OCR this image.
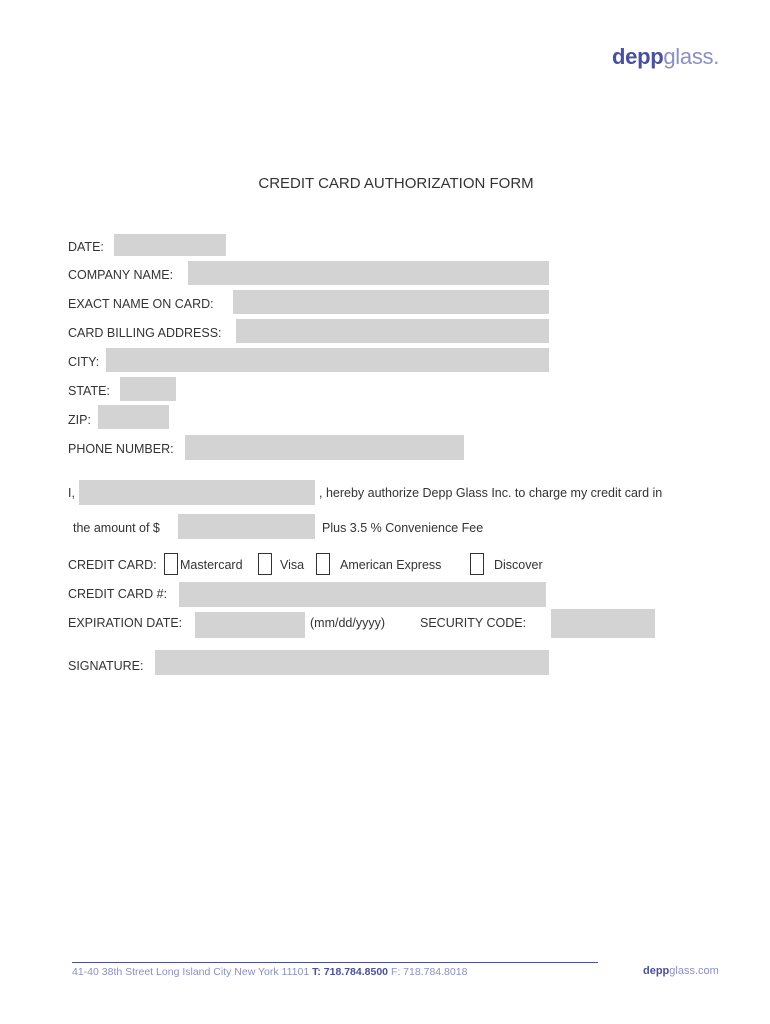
deppglass.
CREDIT CARD AUTHORIZATION FORM
DATE:
COMPANY NAME:
EXACT NAME ON CARD:
CARD BILLING ADDRESS:
CITY:
STATE:
ZIP:
PHONE NUMBER:
I,	, hereby authorize Depp Glass Inc. to charge my credit card in
the amount of $	Plus 3.5 % Convenience Fee
CREDIT CARD: Mastercard	Visa	American Express	Discover
CREDIT CARD #:
EXPIRATION DATE:	(mm/dd/yyyy)	SECURITY CODE:
SIGNATURE:
41-40 38th Street Long Island City New York 11101 T: 718.784.8500 F: 718.784.8018	deppglass.com
